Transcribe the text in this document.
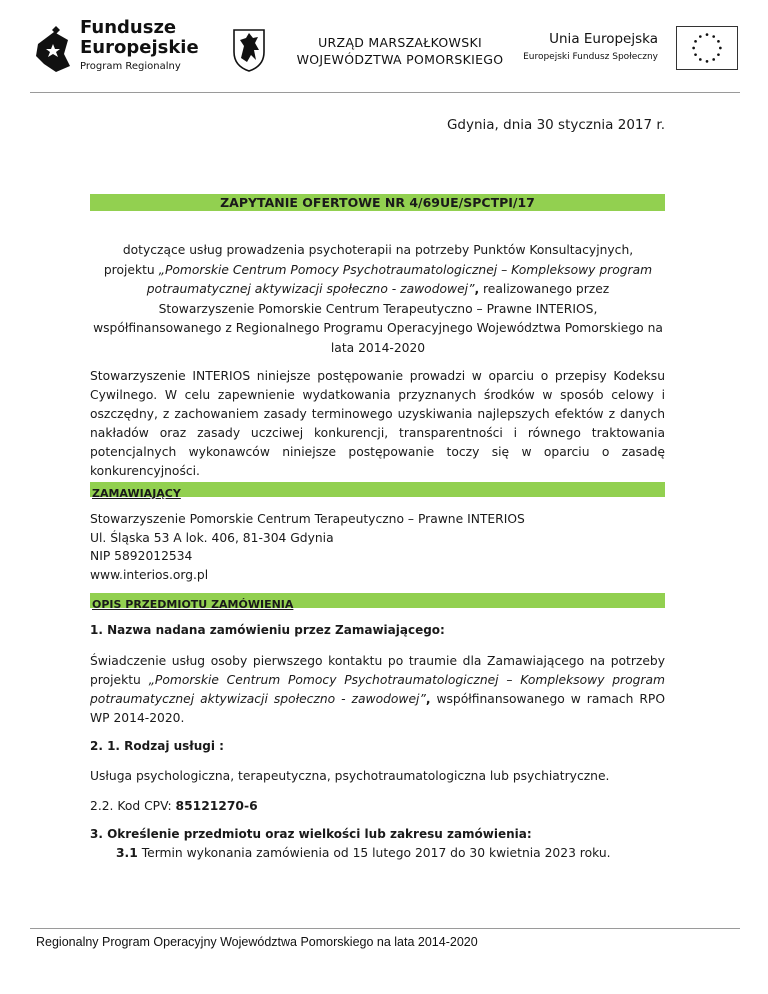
Fundusze
Europejskie
Program Regionalny
URZĄD MARSZAŁKOWSKI
WOJEWÓDZTWA POMORSKIEGO
Unia Europejska
Europejski Fundusz Społeczny
Gdynia, dnia 30 stycznia 2017 r.
ZAPYTANIE OFERTOWE NR 4/69UE/SPCTPI/17
dotyczące usług prowadzenia psychoterapii na potrzeby Punktów Konsultacyjnych,
projektu „Pomorskie Centrum Pomocy Psychotraumatologicznej – Kompleksowy program
potraumatycznej aktywizacji społeczno - zawodowej”, realizowanego przez
Stowarzyszenie Pomorskie Centrum Terapeutyczno – Prawne INTERIOS,
współfinansowanego z Regionalnego Programu Operacyjnego Województwa Pomorskiego na
lata 2014-2020
Stowarzyszenie INTERIOS niniejsze postępowanie prowadzi w oparciu o przepisy Kodeksu Cywilnego. W celu zapewnienie wydatkowania przyznanych środków w sposób celowy i oszczędny, z zachowaniem zasady terminowego uzyskiwania najlepszych efektów z danych nakładów oraz zasady uczciwej konkurencji, transparentności i równego traktowania potencjalnych wykonawców niniejsze postępowanie toczy się w oparciu o zasadę konkurencyjności.
ZAMAWIAJĄCY
Stowarzyszenie Pomorskie Centrum Terapeutyczno – Prawne INTERIOS
Ul. Śląska 53 A lok. 406, 81-304 Gdynia
NIP 5892012534
www.interios.org.pl
OPIS PRZEDMIOTU ZAMÓWIENIA
1. Nazwa nadana zamówieniu przez Zamawiającego:
Świadczenie usług osoby pierwszego kontaktu po traumie dla Zamawiającego na potrzeby projektu „Pomorskie Centrum Pomocy Psychotraumatologicznej – Kompleksowy program potraumatycznej aktywizacji społeczno - zawodowej”, współfinansowanego w ramach RPO WP 2014-2020.
2. 1. Rodzaj usługi :
Usługa psychologiczna, terapeutyczna, psychotraumatologiczna lub psychiatryczne.
2.2. Kod CPV: 85121270-6
3. Określenie przedmiotu oraz wielkości lub zakresu zamówienia:
3.1 Termin wykonania zamówienia od 15 lutego 2017 do 30 kwietnia 2023 roku.
Regionalny Program Operacyjny Województwa Pomorskiego na lata 2014-2020
